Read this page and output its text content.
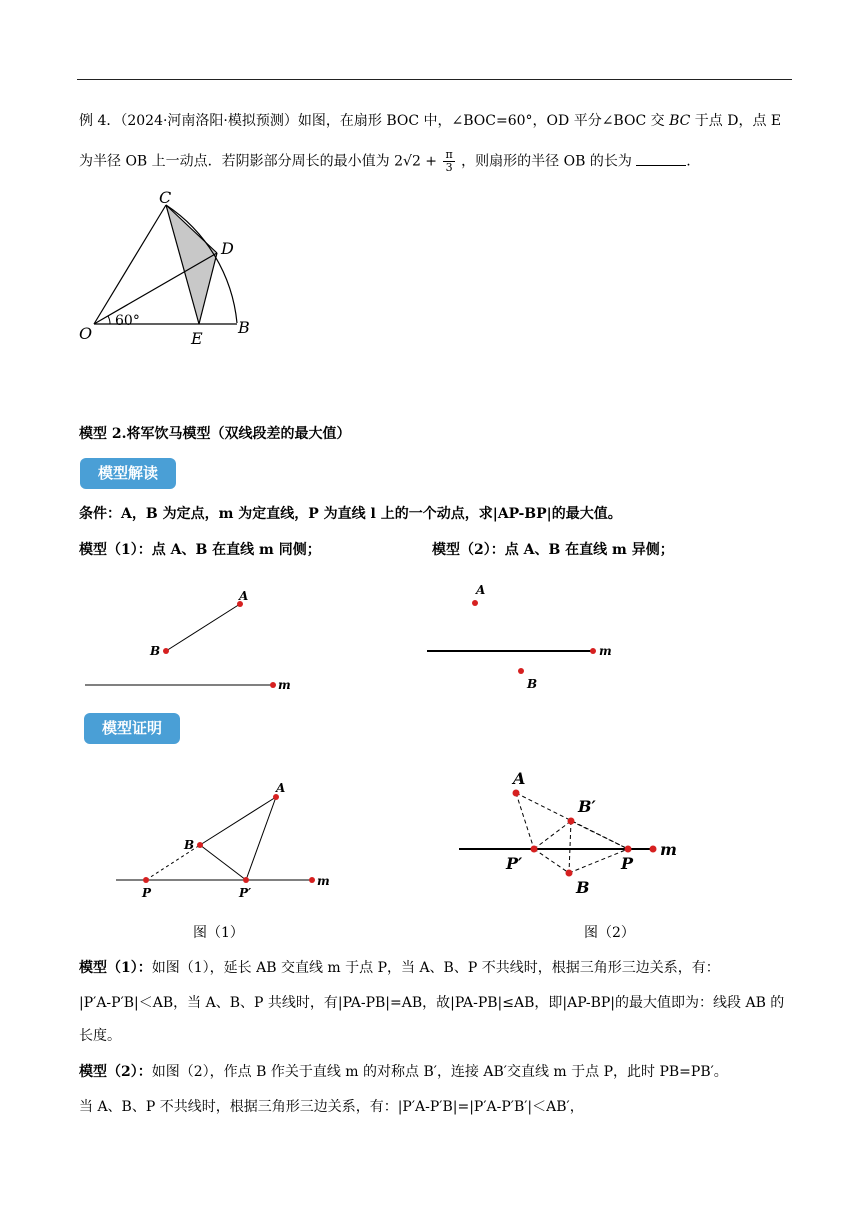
例 4．（2024·河南洛阳·模拟预测）如图，在扇形 BOC 中，∠BOC=60°，OD 平分∠BOC 交 BC 于点 D，点 E
为半径 OB 上一动点．若阴影部分周长的最小值为 $2√2 + \frac{\pi}{3}$ ，则扇形的半径 OB 的长为	.
C
D
O	E
B
60°
模型 2.将军饮马模型（双线段差的最大值）
模型解读
条件：A，B 为定点，m 为定直线，P 为直线 l 上的一个动点，求|AP-BP|的最大值。
模型（1）：点 A、B 在直线 m 同侧；	模型（2）：点 A、B 在直线 m 异侧；
A
B
m
A
m
B
模型证明
A
B
P	P′
m
A
B′
P′	P
m
B
图（1）	图（2）
模型（1）：如图（1），延长 AB 交直线 m 于点 P，当 A、B、P 不共线时，根据三角形三边关系，有：
|P′A-P′B|＜AB，当 A、B、P 共线时，有|PA-PB|=AB，故|PA-PB|≤AB，即|AP-BP|的最大值即为：线段 AB 的
长度。
模型（2）：如图（2），作点 B 作关于直线 m 的对称点 B′，连接 AB′交直线 m 于点 P，此时 PB=PB′。
当 A、B、P 不共线时，根据三角形三边关系，有：|P′A-P′B|=|P′A-P′B′|＜AB′，
